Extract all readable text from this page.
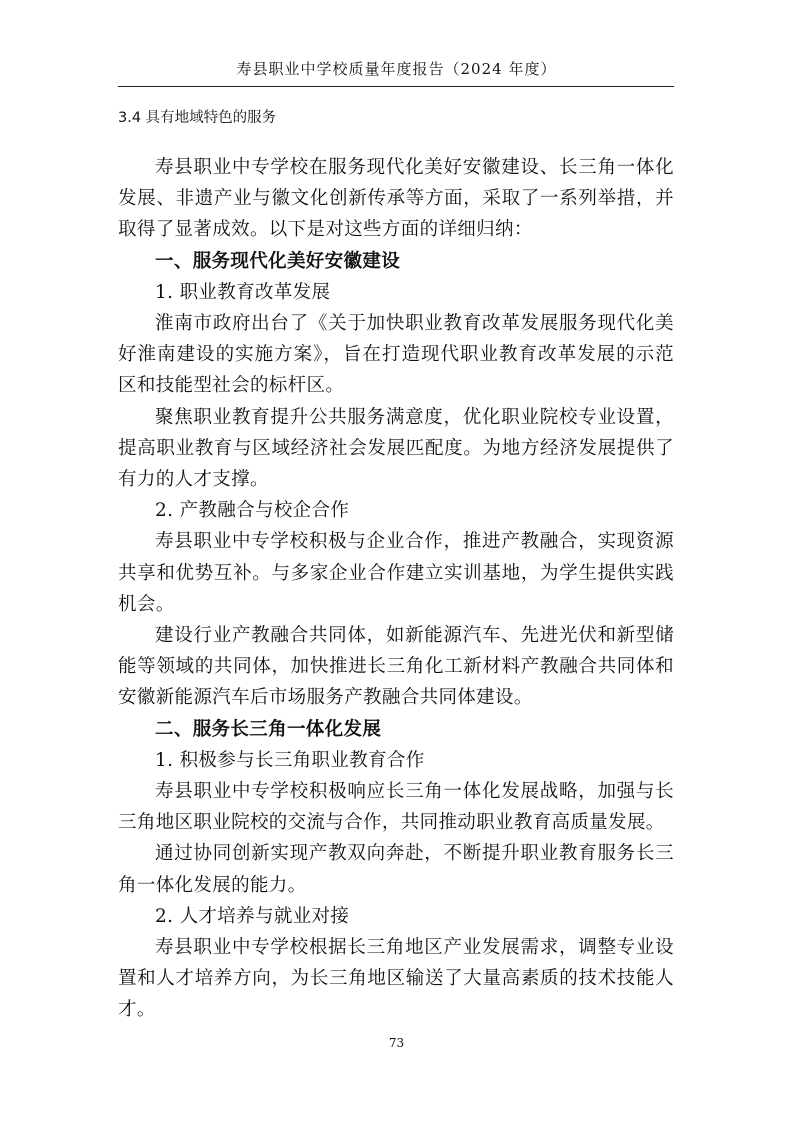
寿县职业中学校质量年度报告（2024 年度）
3.4 具有地域特色的服务

寿县职业中专学校在服务现代化美好安徽建设、长三角一体化发展、非遗产业与徽文化创新传承等方面，采取了一系列举措，并取得了显著成效。以下是对这些方面的详细归纳：

一、服务现代化美好安徽建设

1. 职业教育改革发展

淮南市政府出台了《关于加快职业教育改革发展服务现代化美好淮南建设的实施方案》，旨在打造现代职业教育改革发展的示范区和技能型社会的标杆区。

聚焦职业教育提升公共服务满意度，优化职业院校专业设置，提高职业教育与区域经济社会发展匹配度。为地方经济发展提供了有力的人才支撑。

2. 产教融合与校企合作

寿县职业中专学校积极与企业合作，推进产教融合，实现资源共享和优势互补。与多家企业合作建立实训基地，为学生提供实践机会。

建设行业产教融合共同体，如新能源汽车、先进光伏和新型储能等领域的共同体，加快推进长三角化工新材料产教融合共同体和安徽新能源汽车后市场服务产教融合共同体建设。

二、服务长三角一体化发展

1. 积极参与长三角职业教育合作

寿县职业中专学校积极响应长三角一体化发展战略，加强与长三角地区职业院校的交流与合作，共同推动职业教育高质量发展。

通过协同创新实现产教双向奔赴，不断提升职业教育服务长三角一体化发展的能力。

2. 人才培养与就业对接

寿县职业中专学校根据长三角地区产业发展需求，调整专业设置和人才培养方向，为长三角地区输送了大量高素质的技术技能人才。

73
